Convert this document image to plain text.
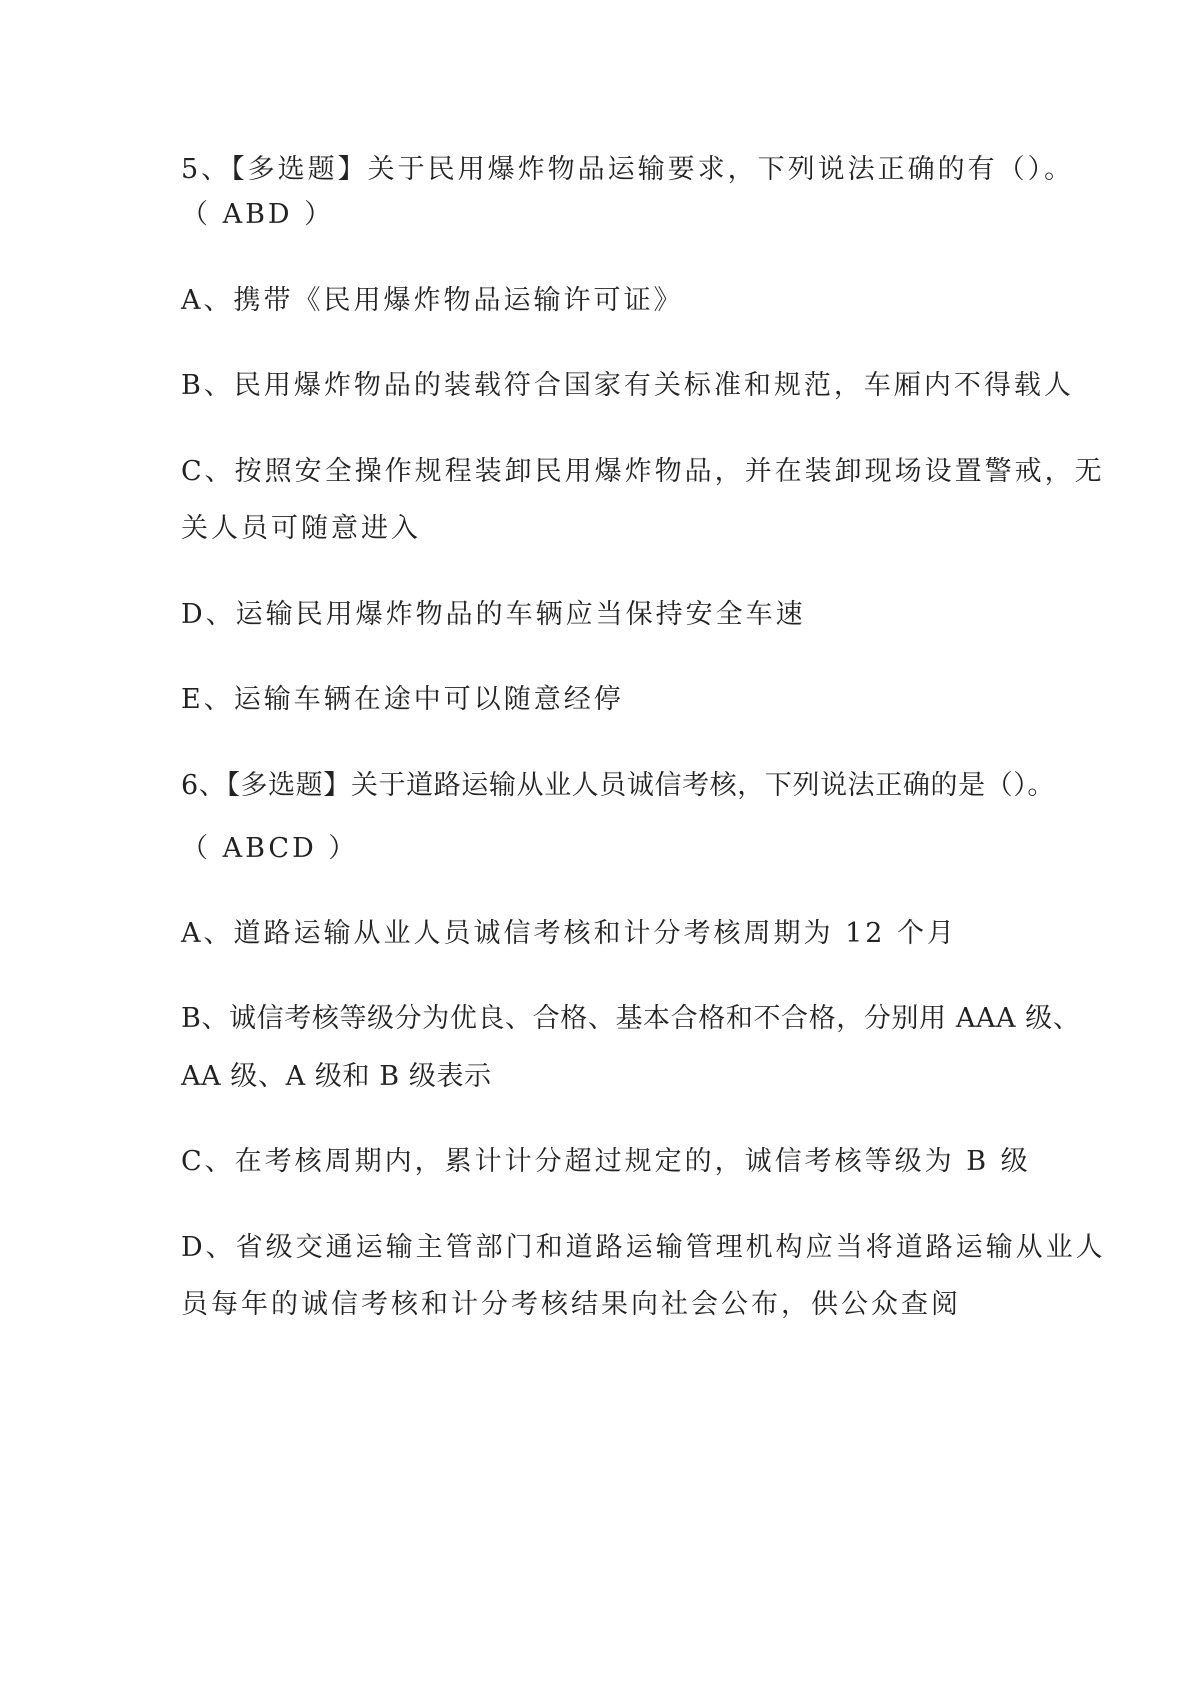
5、【多选题】关于民用爆炸物品运输要求，下列说法正确的有（）。
（ ABD ）
A、携带《民用爆炸物品运输许可证》
B、民用爆炸物品的装载符合国家有关标准和规范，车厢内不得载人
C、按照安全操作规程装卸民用爆炸物品，并在装卸现场设置警戒，无
关人员可随意进入
D、运输民用爆炸物品的车辆应当保持安全车速
E、运输车辆在途中可以随意经停
6、【多选题】关于道路运输从业人员诚信考核，下列说法正确的是（）。
（ ABCD ）
A、道路运输从业人员诚信考核和计分考核周期为 12 个月
B、诚信考核等级分为优良、合格、基本合格和不合格，分别用 AAA 级、
AA 级、A 级和 B 级表示
C、在考核周期内，累计计分超过规定的，诚信考核等级为 B 级
D、省级交通运输主管部门和道路运输管理机构应当将道路运输从业人
员每年的诚信考核和计分考核结果向社会公布，供公众查阅
